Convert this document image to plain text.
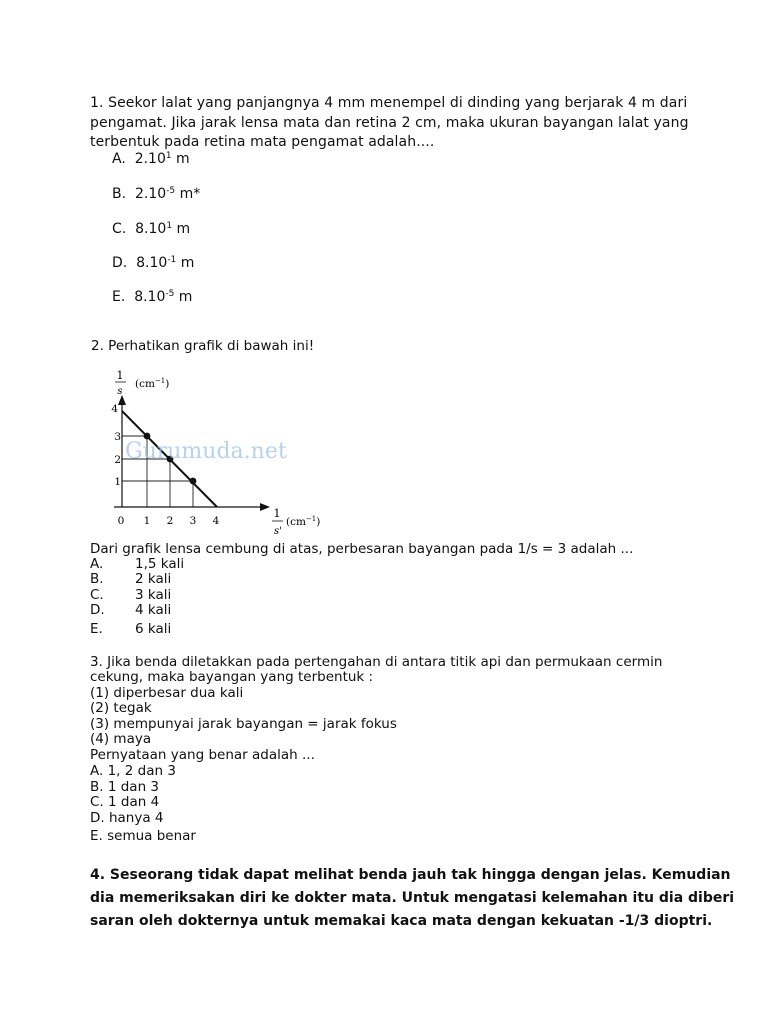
1. Seekor lalat yang panjangnya 4 mm menempel di dinding yang berjarak 4 m dari
pengamat. Jika jarak lensa mata dan retina 2 cm, maka ukuran bayangan lalat yang
terbentuk pada retina mata pengamat adalah....
A. 2.10$^1$ m
B. $2.10^{-5}$ m*
C. 8.10$^1$ m
D. $8.10^{-1}$ m
E. $8.10^{-5}$ m
2. Perhatikan grafik di bawah ini!
1
s
$(cm^{-1})$
4
3
2
1
0 1 2 3 4
1
s'
$(cm^{-1})$
Gurumuda.net
Dari grafik lensa cembung di atas, perbesaran bayangan pada 1/s = 3 adalah ...
A. 1,5 kali
B. 2 kali
C. 3 kali
D. 4 kali
E. 6 kali
3. Jika benda diletakkan pada pertengahan di antara titik api dan permukaan cermin
cekung, maka bayangan yang terbentuk :
(1) diperbesar dua kali
(2) tegak
(3) mempunyai jarak bayangan = jarak fokus
(4) maya
Pernyataan yang benar adalah ...
A. 1, 2 dan 3
B. 1 dan 3
C. 1 dan 4
D. hanya 4
E. semua benar
4. Seseorang tidak dapat melihat benda jauh tak hingga dengan jelas. Kemudian
dia memeriksakan diri ke dokter mata. Untuk mengatasi kelemahan itu dia diberi
saran oleh dokternya untuk memakai kaca mata dengan kekuatan -1/3 dioptri.
